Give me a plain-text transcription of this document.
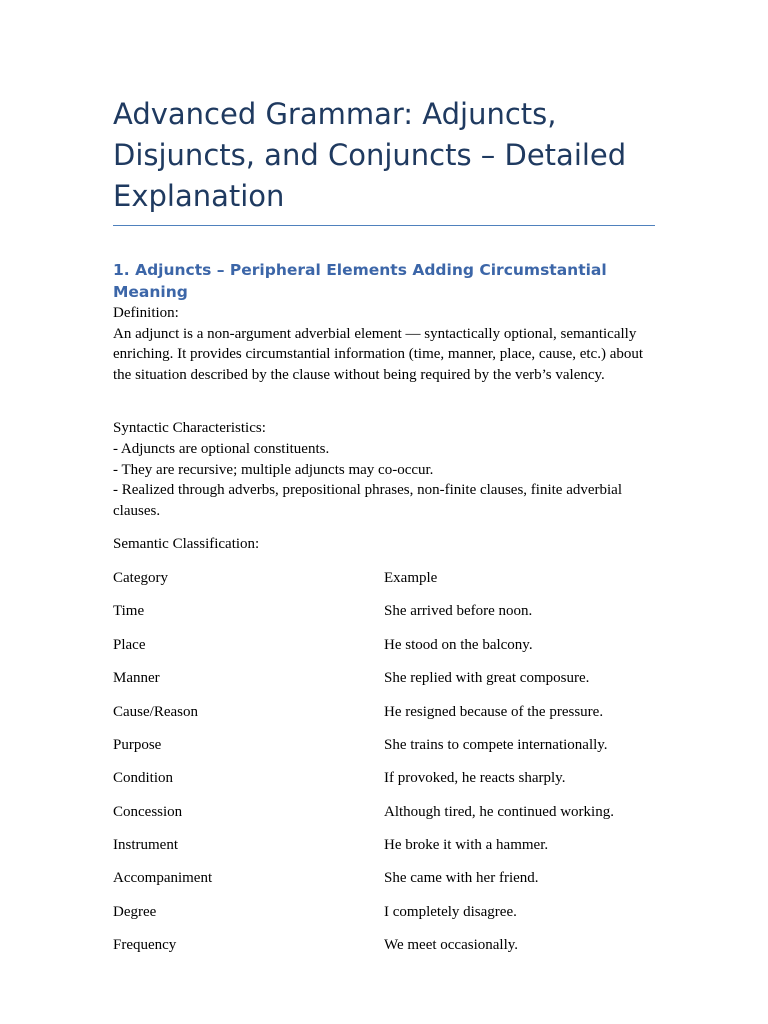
Advanced Grammar: Adjuncts, Disjuncts, and Conjuncts – Detailed Explanation
1. Adjuncts – Peripheral Elements Adding Circumstantial Meaning

Definition:

An adjunct is a non-argument adverbial element — syntactically optional, semantically enriching. It provides circumstantial information (time, manner, place, cause, etc.) about the situation described by the clause without being required by the verb’s valency.

Syntactic Characteristics:

- Adjuncts are optional constituents.

- They are recursive; multiple adjuncts may co-occur.

- Realized through adverbs, prepositional phrases, non-finite clauses, finite adverbial clauses.

Semantic Classification:

Category	Example
Time	She arrived before noon.
Place	He stood on the balcony.
Manner	She replied with great composure.
Cause/Reason	He resigned because of the pressure.
Purpose	She trains to compete internationally.
Condition	If provoked, he reacts sharply.
Concession	Although tired, he continued working.
Instrument	He broke it with a hammer.
Accompaniment	She came with her friend.
Degree	I completely disagree.
Frequency	We meet occasionally.
